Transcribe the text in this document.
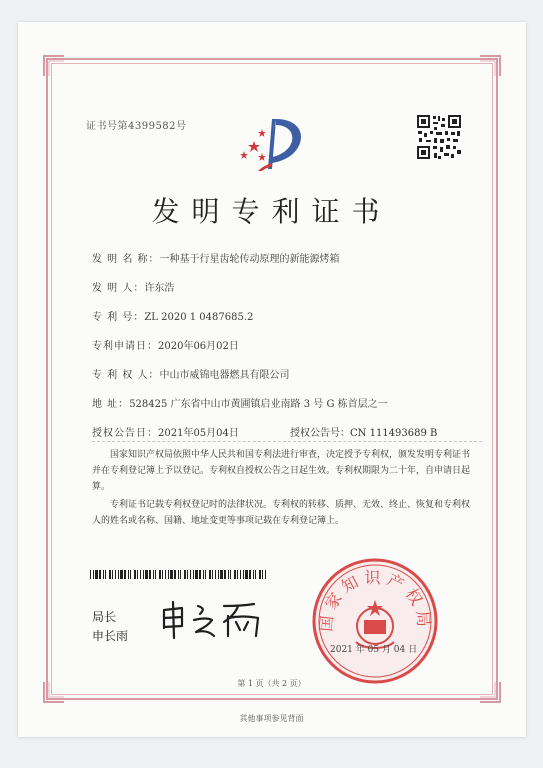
证书号第4399582号
发明专利证书
发 明 名 称：一种基于行星齿轮传动原理的新能源烤箱
发 明 人：许东浩
专 利 号：ZL 2020 1 0487685.2
专利申请日：2020年06月02日
专 利 权 人：中山市威锦电器燃具有限公司
地 址：528425 广东省中山市黄圃镇启业南路 3 号 G 栋首层之一
授权公告日：2021年05月04日	授权公告号：CN 111493689 B
国家知识产权局依照中华人民共和国专利法进行审查，决定授予专利权，颁发发明专利证书并在专利登记簿上予以登记。专利权自授权公告之日起生效。专利权期限为二十年，自申请日起算。
专利证书记载专利权登记时的法律状况。专利权的转移、质押、无效、终止、恢复和专利权人的姓名或名称、国籍、地址变更等事项记载在专利登记簿上。
局长
申长雨
国家知识产权局
2021 年 05 月 04 日
第 1 页（共 2 页）
其他事项参见背面
